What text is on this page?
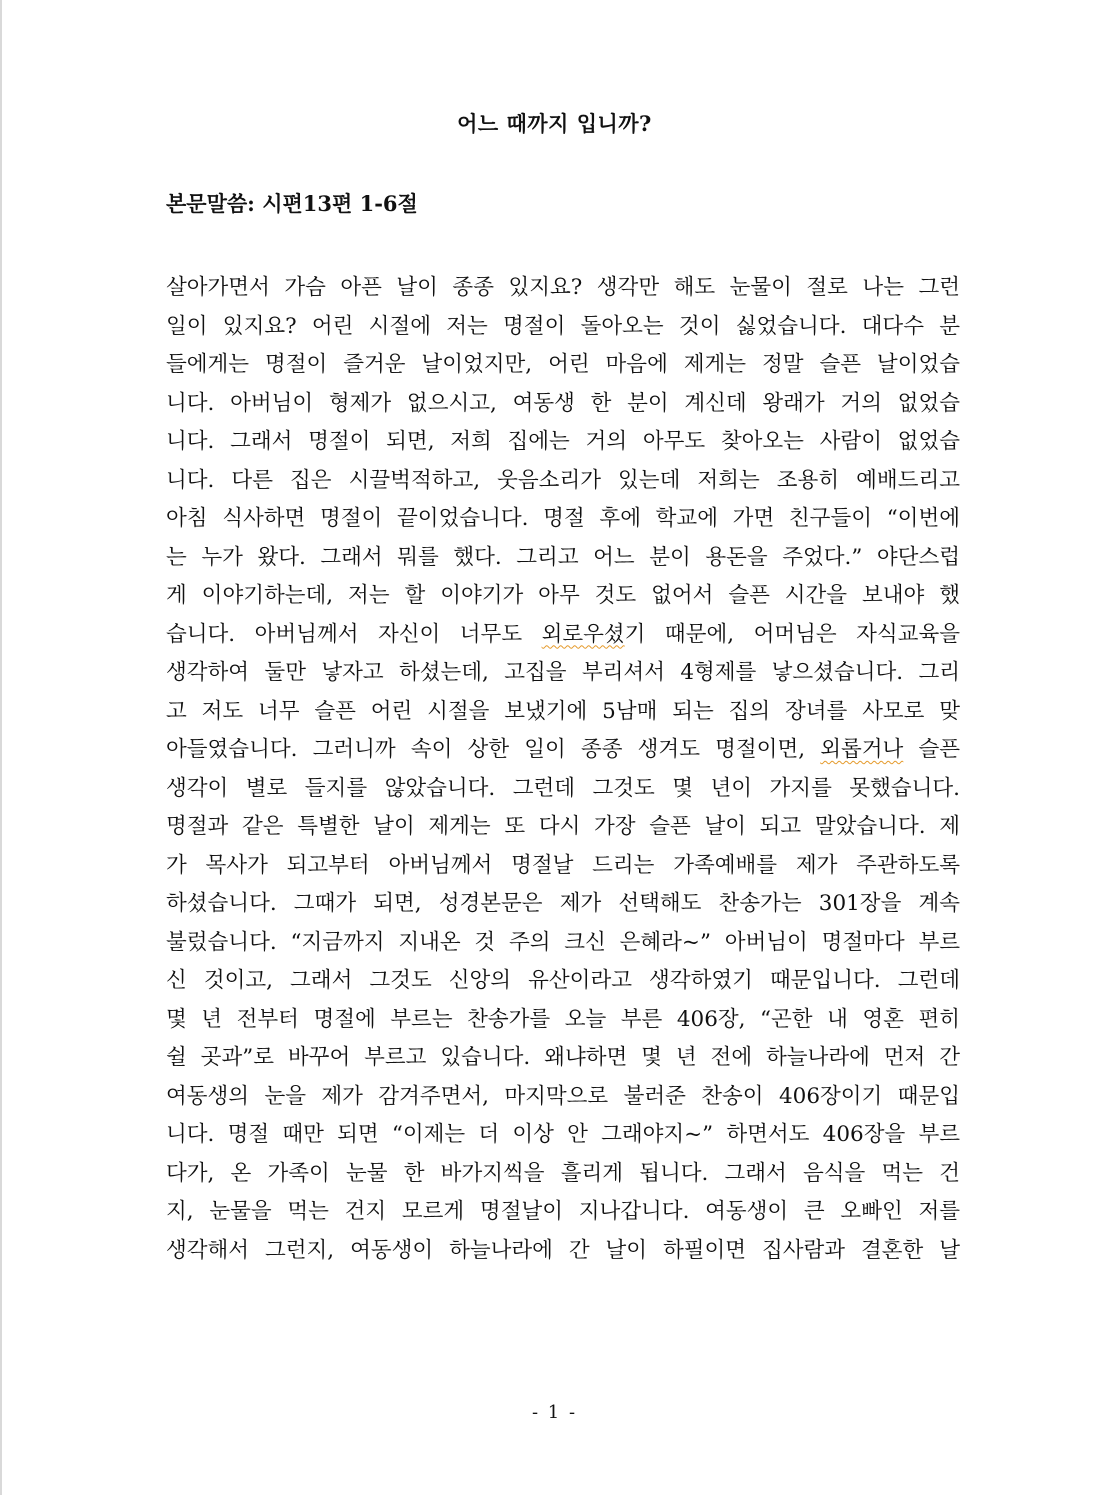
어느 때까지 입니까?
본문말씀: 시편13편 1-6절
살아가면서 가슴 아픈 날이 종종 있지요? 생각만 해도 눈물이 절로 나는 그런
일이 있지요? 어린 시절에 저는 명절이 돌아오는 것이 싫었습니다. 대다수 분
들에게는 명절이 즐거운 날이었지만, 어린 마음에 제게는 정말 슬픈 날이었습
니다. 아버님이 형제가 없으시고, 여동생 한 분이 계신데 왕래가 거의 없었습
니다. 그래서 명절이 되면, 저희 집에는 거의 아무도 찾아오는 사람이 없었습
니다. 다른 집은 시끌벅적하고, 웃음소리가 있는데 저희는 조용히 예배드리고
아침 식사하면 명절이 끝이었습니다. 명절 후에 학교에 가면 친구들이 “이번에
는 누가 왔다. 그래서 뭐를 했다. 그리고 어느 분이 용돈을 주었다.” 야단스럽
게 이야기하는데, 저는 할 이야기가 아무 것도 없어서 슬픈 시간을 보내야 했
습니다. 아버님께서 자신이 너무도 외로우셨기 때문에, 어머님은 자식교육을
생각하여 둘만 낳자고 하셨는데, 고집을 부리셔서 4형제를 낳으셨습니다. 그리
고 저도 너무 슬픈 어린 시절을 보냈기에 5남매 되는 집의 장녀를 사모로 맞
아들였습니다. 그러니까 속이 상한 일이 종종 생겨도 명절이면, 외롭거나 슬픈
생각이 별로 들지를 않았습니다. 그런데 그것도 몇 년이 가지를 못했습니다.
명절과 같은 특별한 날이 제게는 또 다시 가장 슬픈 날이 되고 말았습니다. 제
가 목사가 되고부터 아버님께서 명절날 드리는 가족예배를 제가 주관하도록
하셨습니다. 그때가 되면, 성경본문은 제가 선택해도 찬송가는 301장을 계속
불렀습니다. “지금까지 지내온 것 주의 크신 은혜라~” 아버님이 명절마다 부르
신 것이고, 그래서 그것도 신앙의 유산이라고 생각하였기 때문입니다. 그런데
몇 년 전부터 명절에 부르는 찬송가를 오늘 부른 406장, “곤한 내 영혼 편히
쉴 곳과”로 바꾸어 부르고 있습니다. 왜냐하면 몇 년 전에 하늘나라에 먼저 간
여동생의 눈을 제가 감겨주면서, 마지막으로 불러준 찬송이 406장이기 때문입
니다. 명절 때만 되면 “이제는 더 이상 안 그래야지~” 하면서도 406장을 부르
다가, 온 가족이 눈물 한 바가지씩을 흘리게 됩니다. 그래서 음식을 먹는 건
지, 눈물을 먹는 건지 모르게 명절날이 지나갑니다. 여동생이 큰 오빠인 저를
생각해서 그런지, 여동생이 하늘나라에 간 날이 하필이면 집사람과 결혼한 날
- 1 -
